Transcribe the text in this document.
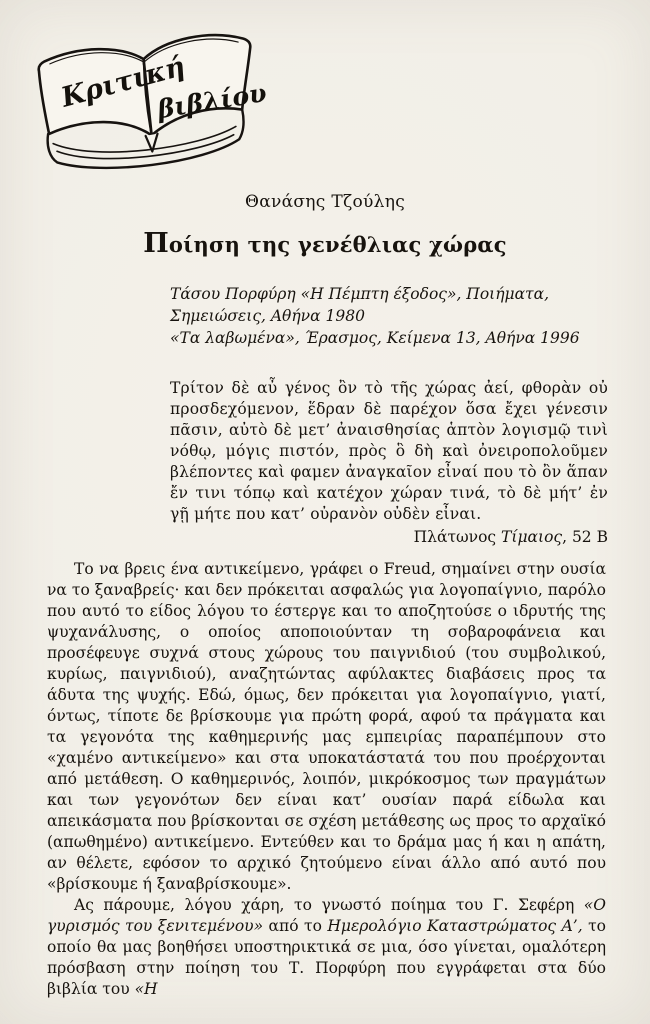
Κριτική
βιβλίου
Θανάσης Τζούλης
Ποίηση της γενέθλιας χώρας
Τάσου Πορφύρη «Η Πέμπτη έξοδος», Ποιήματα,
Σημειώσεις, Αθήνα 1980
«Τα λαβωμένα», Έρασμος, Κείμενα 13, Αθήνα 1996
Τρίτον δὲ αὖ γένος ὂν τὸ τῆς χώρας ἀεί, φθορὰν οὐ προσδεχόμενον, ἕδραν δὲ παρέχον ὅσα ἔχει γένεσιν πᾶσιν, αὐτὸ δὲ μετ’ ἀναισθησίας ἁπτὸν λογισμῷ τινὶ νόθῳ, μόγις πιστόν, πρὸς ὃ δὴ καὶ ὀνειροπολοῦμεν βλέποντες καὶ φαμεν ἀναγκαῖον εἶναί που τὸ ὂν ἅπαν ἔν τινι τόπῳ καὶ κατέχον χώραν τινά, τὸ δὲ μήτ’ ἐν γῇ μήτε που κατ’ οὐρανὸν οὐδὲν εἶναι.
Πλάτωνος Τίμαιος, 52 B

Το να βρεις ένα αντικείμενο, γράφει ο Freud, σημαίνει στην ουσία να το ξαναβρείς· και δεν πρόκειται ασφαλώς για λογοπαίγνιο, παρόλο που αυτό το είδος λόγου το έστεργε και το αποζητούσε ο ιδρυτής της ψυχανάλυσης, ο οποίος αποποιούνταν τη σοβαροφάνεια και προσέφευγε συχνά στους χώρους του παιγνιδιού (του συμβολικού, κυρίως, παιγνιδιού), αναζητώντας αφύλακτες διαβάσεις προς τα άδυτα της ψυχής. Εδώ, όμως, δεν πρόκειται για λογοπαίγνιο, γιατί, όντως, τίποτε δε βρίσκουμε για πρώτη φορά, αφού τα πράγματα και τα γεγονότα της καθημερινής μας εμπειρίας παραπέμπουν στο «χαμένο αντικείμενο» και στα υποκατάστατά του που προέρχονται από μετάθεση. Ο καθημερινός, λοιπόν, μικρόκοσμος των πραγμάτων και των γεγονότων δεν είναι κατ’ ουσίαν παρά είδωλα και απεικάσματα που βρίσκονται σε σχέση μετάθεσης ως προς το αρχαϊκό (απωθημένο) αντικείμενο. Εντεύθεν και το δράμα μας ή και η απάτη, αν θέλετε, εφόσον το αρχικό ζητούμενο είναι άλλο από αυτό που «βρίσκουμε ή ξαναβρίσκουμε».

Ας πάρουμε, λόγου χάρη, το γνωστό ποίημα του Γ. Σεφέρη «Ο γυρισμός του ξενιτεμένου» από το Ημερολόγιο Καταστρώματος Α’, το οποίο θα μας βοηθήσει υποστηρικτικά σε μια, όσο γίνεται, ομαλότερη πρόσβαση στην ποίηση του Τ. Πορφύρη που εγγράφεται στα δύο βιβλία του «Η
